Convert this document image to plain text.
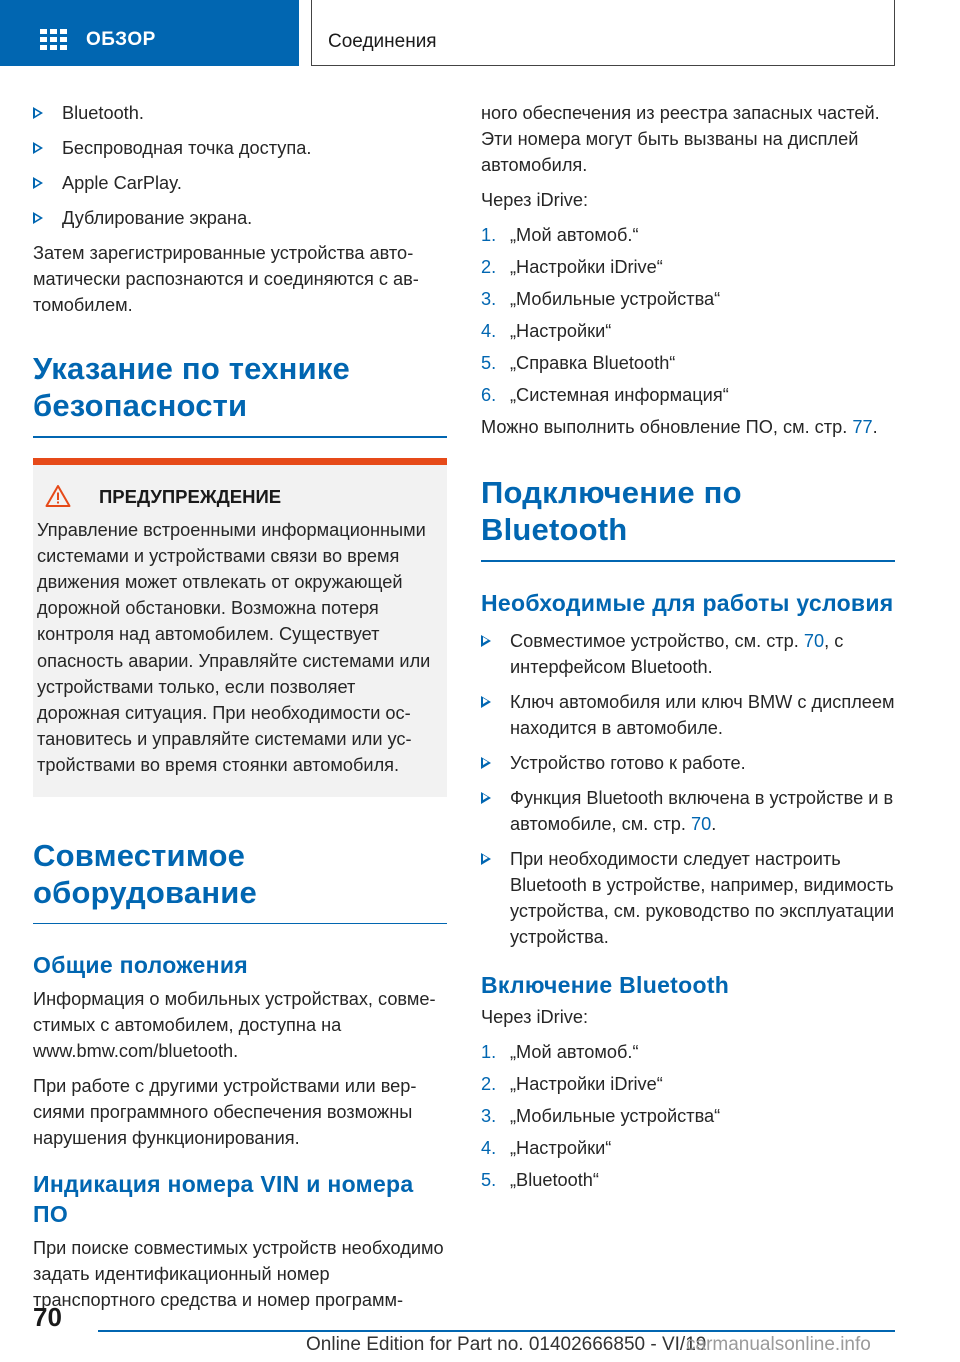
ОБЗОР	Соединения
Bluetooth.
Беспроводная точка доступа.
Apple CarPlay.
Дублирование экрана.

Затем зарегистрированные устройства автоматически распознаются и соединяются с автомобилем.

Указание по технике безопасности
ПРЕДУПРЕЖДЕНИЕ

Управление встроенными информационными системами и устройствами связи во время движения может отвлекать от окружающей дорожной обстановки. Возможна потеря контроля над автомобилем. Существует опасность аварии. Управляйте системами или устройствами только, если позволяет дорожная ситуация. При необходимости остановитесь и управляйте системами или устройствами во время стоянки автомобиля.

Совместимое оборудование
Общие положения

Информация о мобильных устройствах, совместимых с автомобилем, доступна на www.bmw.com/bluetooth.

При работе с другими устройствами или версиями программного обеспечения возможны нарушения функционирования.

Индикация номера VIN и номера ПО

При поиске совместимых устройств необходимо задать идентификационный номер транспортного средства и номер программ-

ного обеспечения из реестра запасных частей. Эти номера могут быть вызваны на дисплей автомобиля.

Через iDrive:

1. „Мой автомоб.“
2. „Настройки iDrive“
3. „Мобильные устройства“
4. „Настройки“
5. „Справка Bluetooth“
6. „Системная информация“

Можно выполнить обновление ПО, см. стр. 77.

Подключение по Bluetooth
Необходимые для работы условия
Совместимое устройство, см. стр. 70, с интерфейсом Bluetooth.
Ключ автомобиля или ключ BMW с дисплеем находится в автомобиле.
Устройство готово к работе.
Функция Bluetooth включена в устройстве и в автомобиле, см. стр. 70.
При необходимости следует настроить Bluetooth в устройстве, например, видимость устройства, см. руководство по эксплуатации устройства.
Включение Bluetooth

Через iDrive:

1. „Мой автомоб.“
2. „Настройки iDrive“
3. „Мобильные устройства“
4. „Настройки“
5. „Bluetooth“
70
Online Edition for Part no. 01402666850 - VI/19
carmanualsonline.info
